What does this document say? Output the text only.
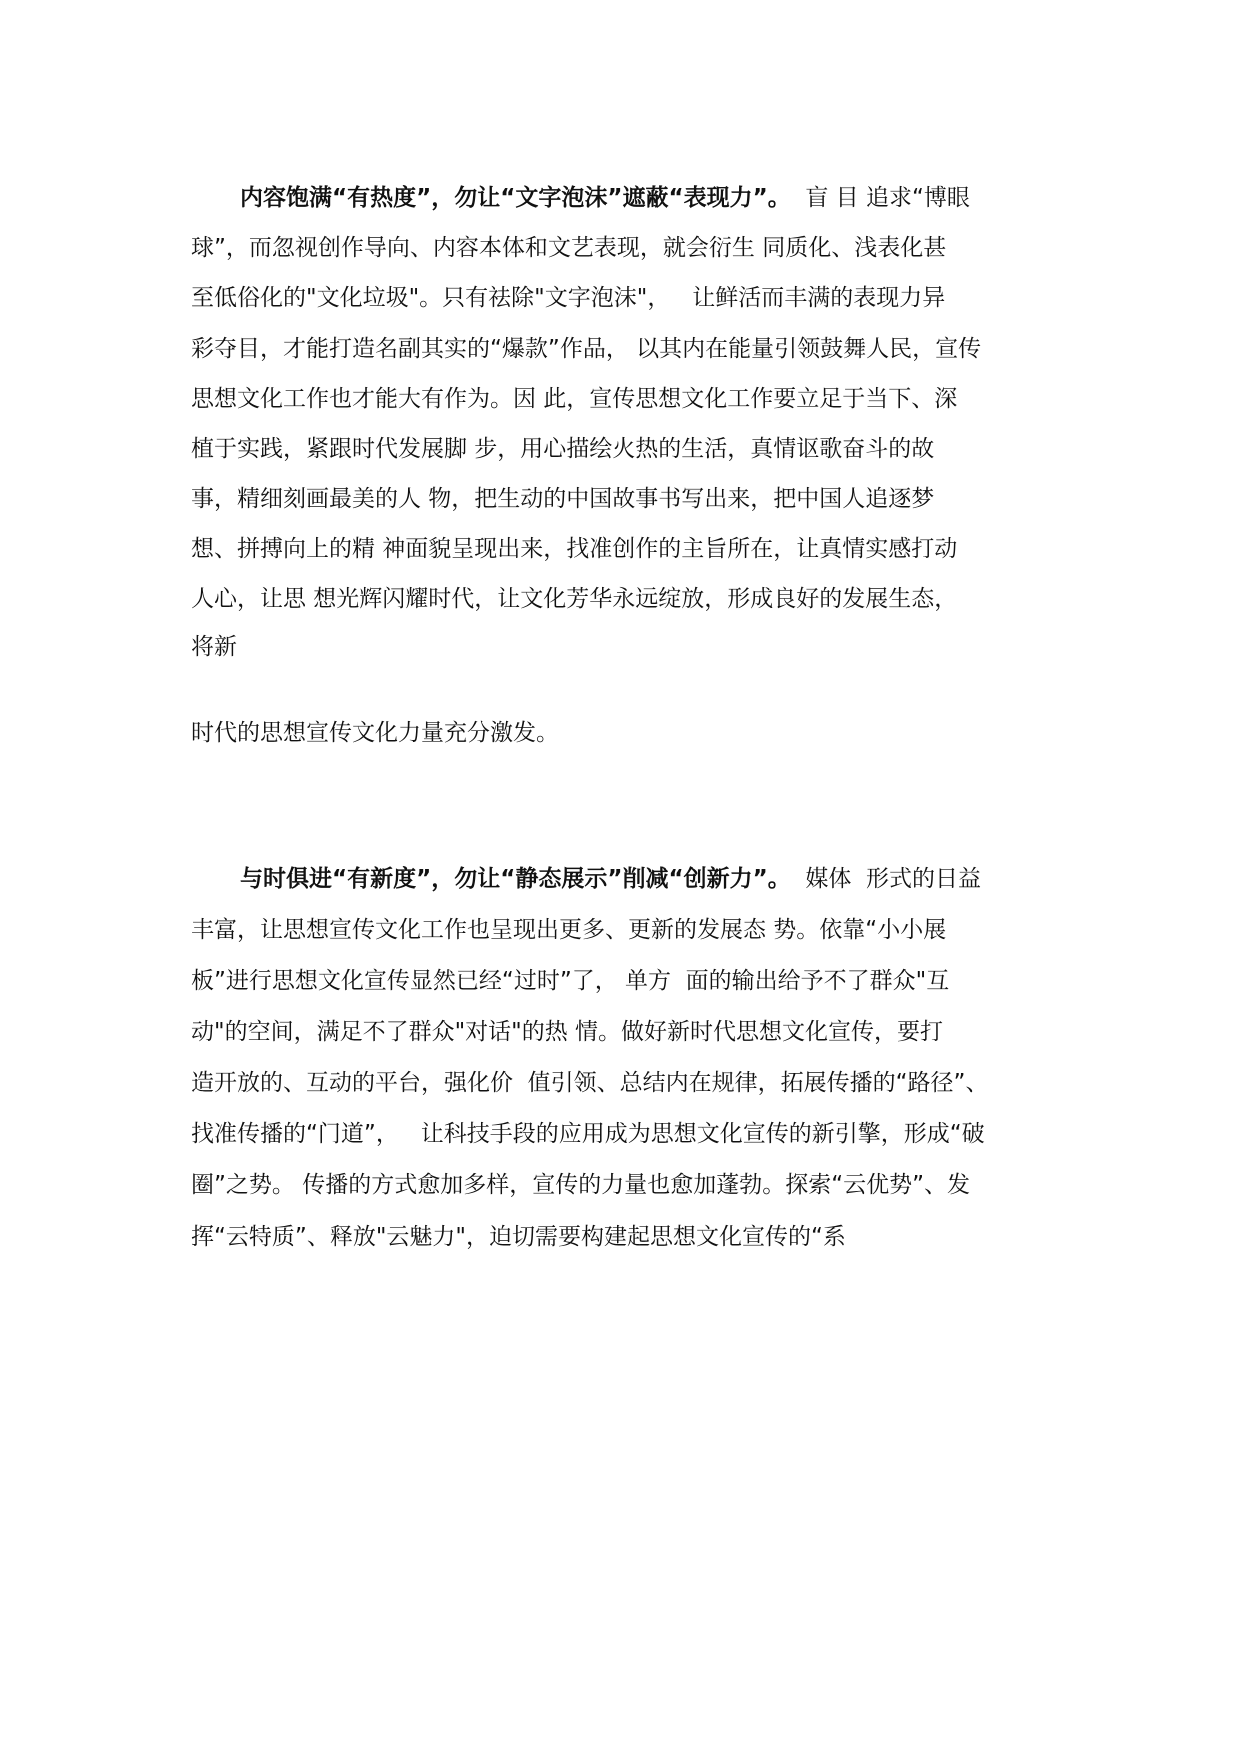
内容饱满“有热度”，勿让“文字泡沫”遮蔽“表现力”。  盲 目 追求“博眼
球”，而忽视创作导向、内容本体和文艺表现，就会衍生 同质化、浅表化甚
至低俗化的"文化垃圾"。只有祛除"文字泡沫"，   让鲜活而丰满的表现力异
彩夺目，才能打造名副其实的“爆款”作品， 以其内在能量引领鼓舞人民，宣传
思想文化工作也才能大有作为。因 此，宣传思想文化工作要立足于当下、深
植于实践，紧跟时代发展脚 步，用心描绘火热的生活，真情讴歌奋斗的故
事，精细刻画最美的人 物，把生动的中国故事书写出来，把中国人追逐梦
想、拼搏向上的精 神面貌呈现出来，找准创作的主旨所在，让真情实感打动
人心，让思 想光辉闪耀时代，让文化芳华永远绽放，形成良好的发展生态，
将新
时代的思想宣传文化力量充分激发。
与时俱进“有新度”，勿让“静态展示”削减“创新力”。  媒体  形式的日益
丰富，让思想宣传文化工作也呈现出更多、更新的发展态 势。依靠“小小展
板”进行思想文化宣传显然已经“过时”了， 单方  面的输出给予不了群众"互
动"的空间，满足不了群众"对话"的热 情。做好新时代思想文化宣传，要打
造开放的、互动的平台，强化价  值引领、总结内在规律，拓展传播的“路径”、
找准传播的“门道”，   让科技手段的应用成为思想文化宣传的新引擎，形成“破
圈”之势。 传播的方式愈加多样，宣传的力量也愈加蓬勃。探索“云优势”、发
挥“云特质”、释放"云魅力"，迫切需要构建起思想文化宣传的“系
